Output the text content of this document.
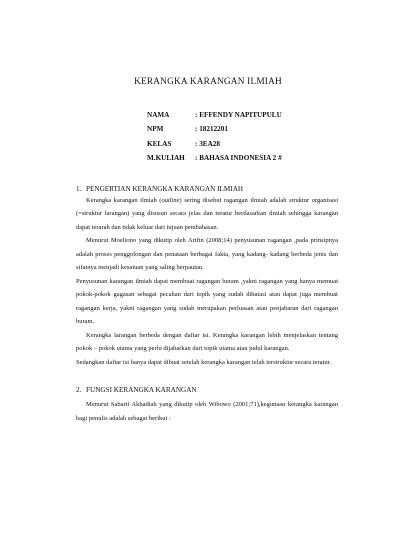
KERANGKA KARANGAN ILMIAH
NAMA	: EFFENDY NAPITUPULU
NPM	: 18212201
KELAS	: 3EA28
M.KULIAH	: BAHASA INDONESIA 2 #
1. PENGERTIAN KERANGKA KARANGAN ILMIAH

Kerangka karangan ilmiah (outline) sering disebut ragangan ilmiah adalah struktur organisasi (=struktur larangan) yang disusun secara jelas dan teratur berdasarkan ilmiah sehingga karangan dapat terarah dan tidak keluar dari tujuan pembahasan.

Menurut Moeliono yang dikutip oleh Arifin (2008;14) penyusunan ragangan ,pada prinsipnya adalah proses penggolongan dan penataan berbagai fakta, yang kadang- kadang berbeda jenis dan sifatnya menjadi kesatuan yang saling berpautan.

Penyusunan karangan ilmiah dapat membuat ragangan buram ,yakni ragangan yang hanya memuat pokok-pokok gagasan sebagai pecahan dari topik yang sudah dibatasi atau dapat juga membuat ragangan kerja, yakni ragangan yang sudah merupakan perluasan atau penjabaran dari ragangan buram.

Kerangka larangan berbeda dengan daftar isi. Kerangka karangan lebih menjelaskan tentang pokok – pokok utama yang perlu dijabarkan dari topik utama atau judul karangan.

Sedangkan daftar isi hanya dapat dibuat setelah kerangka karangan telah terstruktur secara teratur.

2. FUNGSI KERANGKA KARANGAN

Menurut Sabarti Akhadiah yang dikutip oleh Wibowo (2001;71),kegunaan kerangka karangan bagi penulis adalah sebagai berikut :
